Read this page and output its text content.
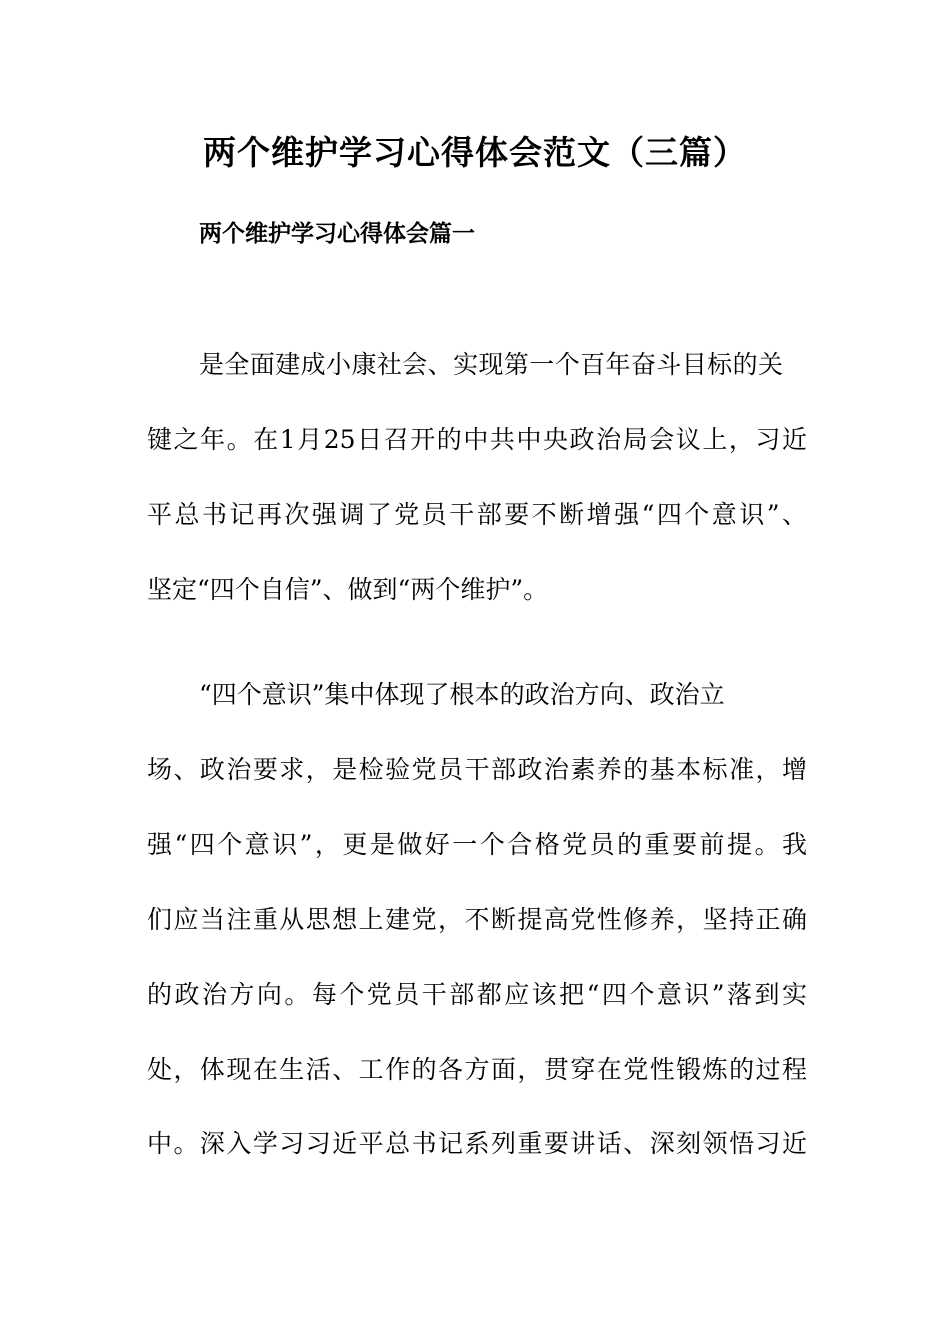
两个维护学习心得体会范文（三篇）
两个维护学习心得体会篇一

是全面建成小康社会、实现第一个百年奋斗目标的关

键之年。在1月25日召开的中共中央政治局会议上，习近

平总书记再次强调了党员干部要不断增强“四个意识”、

坚定“四个自信”、做到“两个维护”。

“四个意识”集中体现了根本的政治方向、政治立

场、政治要求，是检验党员干部政治素养的基本标准，增

强“四个意识”，更是做好一个合格党员的重要前提。我

们应当注重从思想上建党，不断提高党性修养，坚持正确

的政治方向。每个党员干部都应该把“四个意识”落到实

处，体现在生活、工作的各方面，贯穿在党性锻炼的过程

中。深入学习习近平总书记系列重要讲话、深刻领悟习近
